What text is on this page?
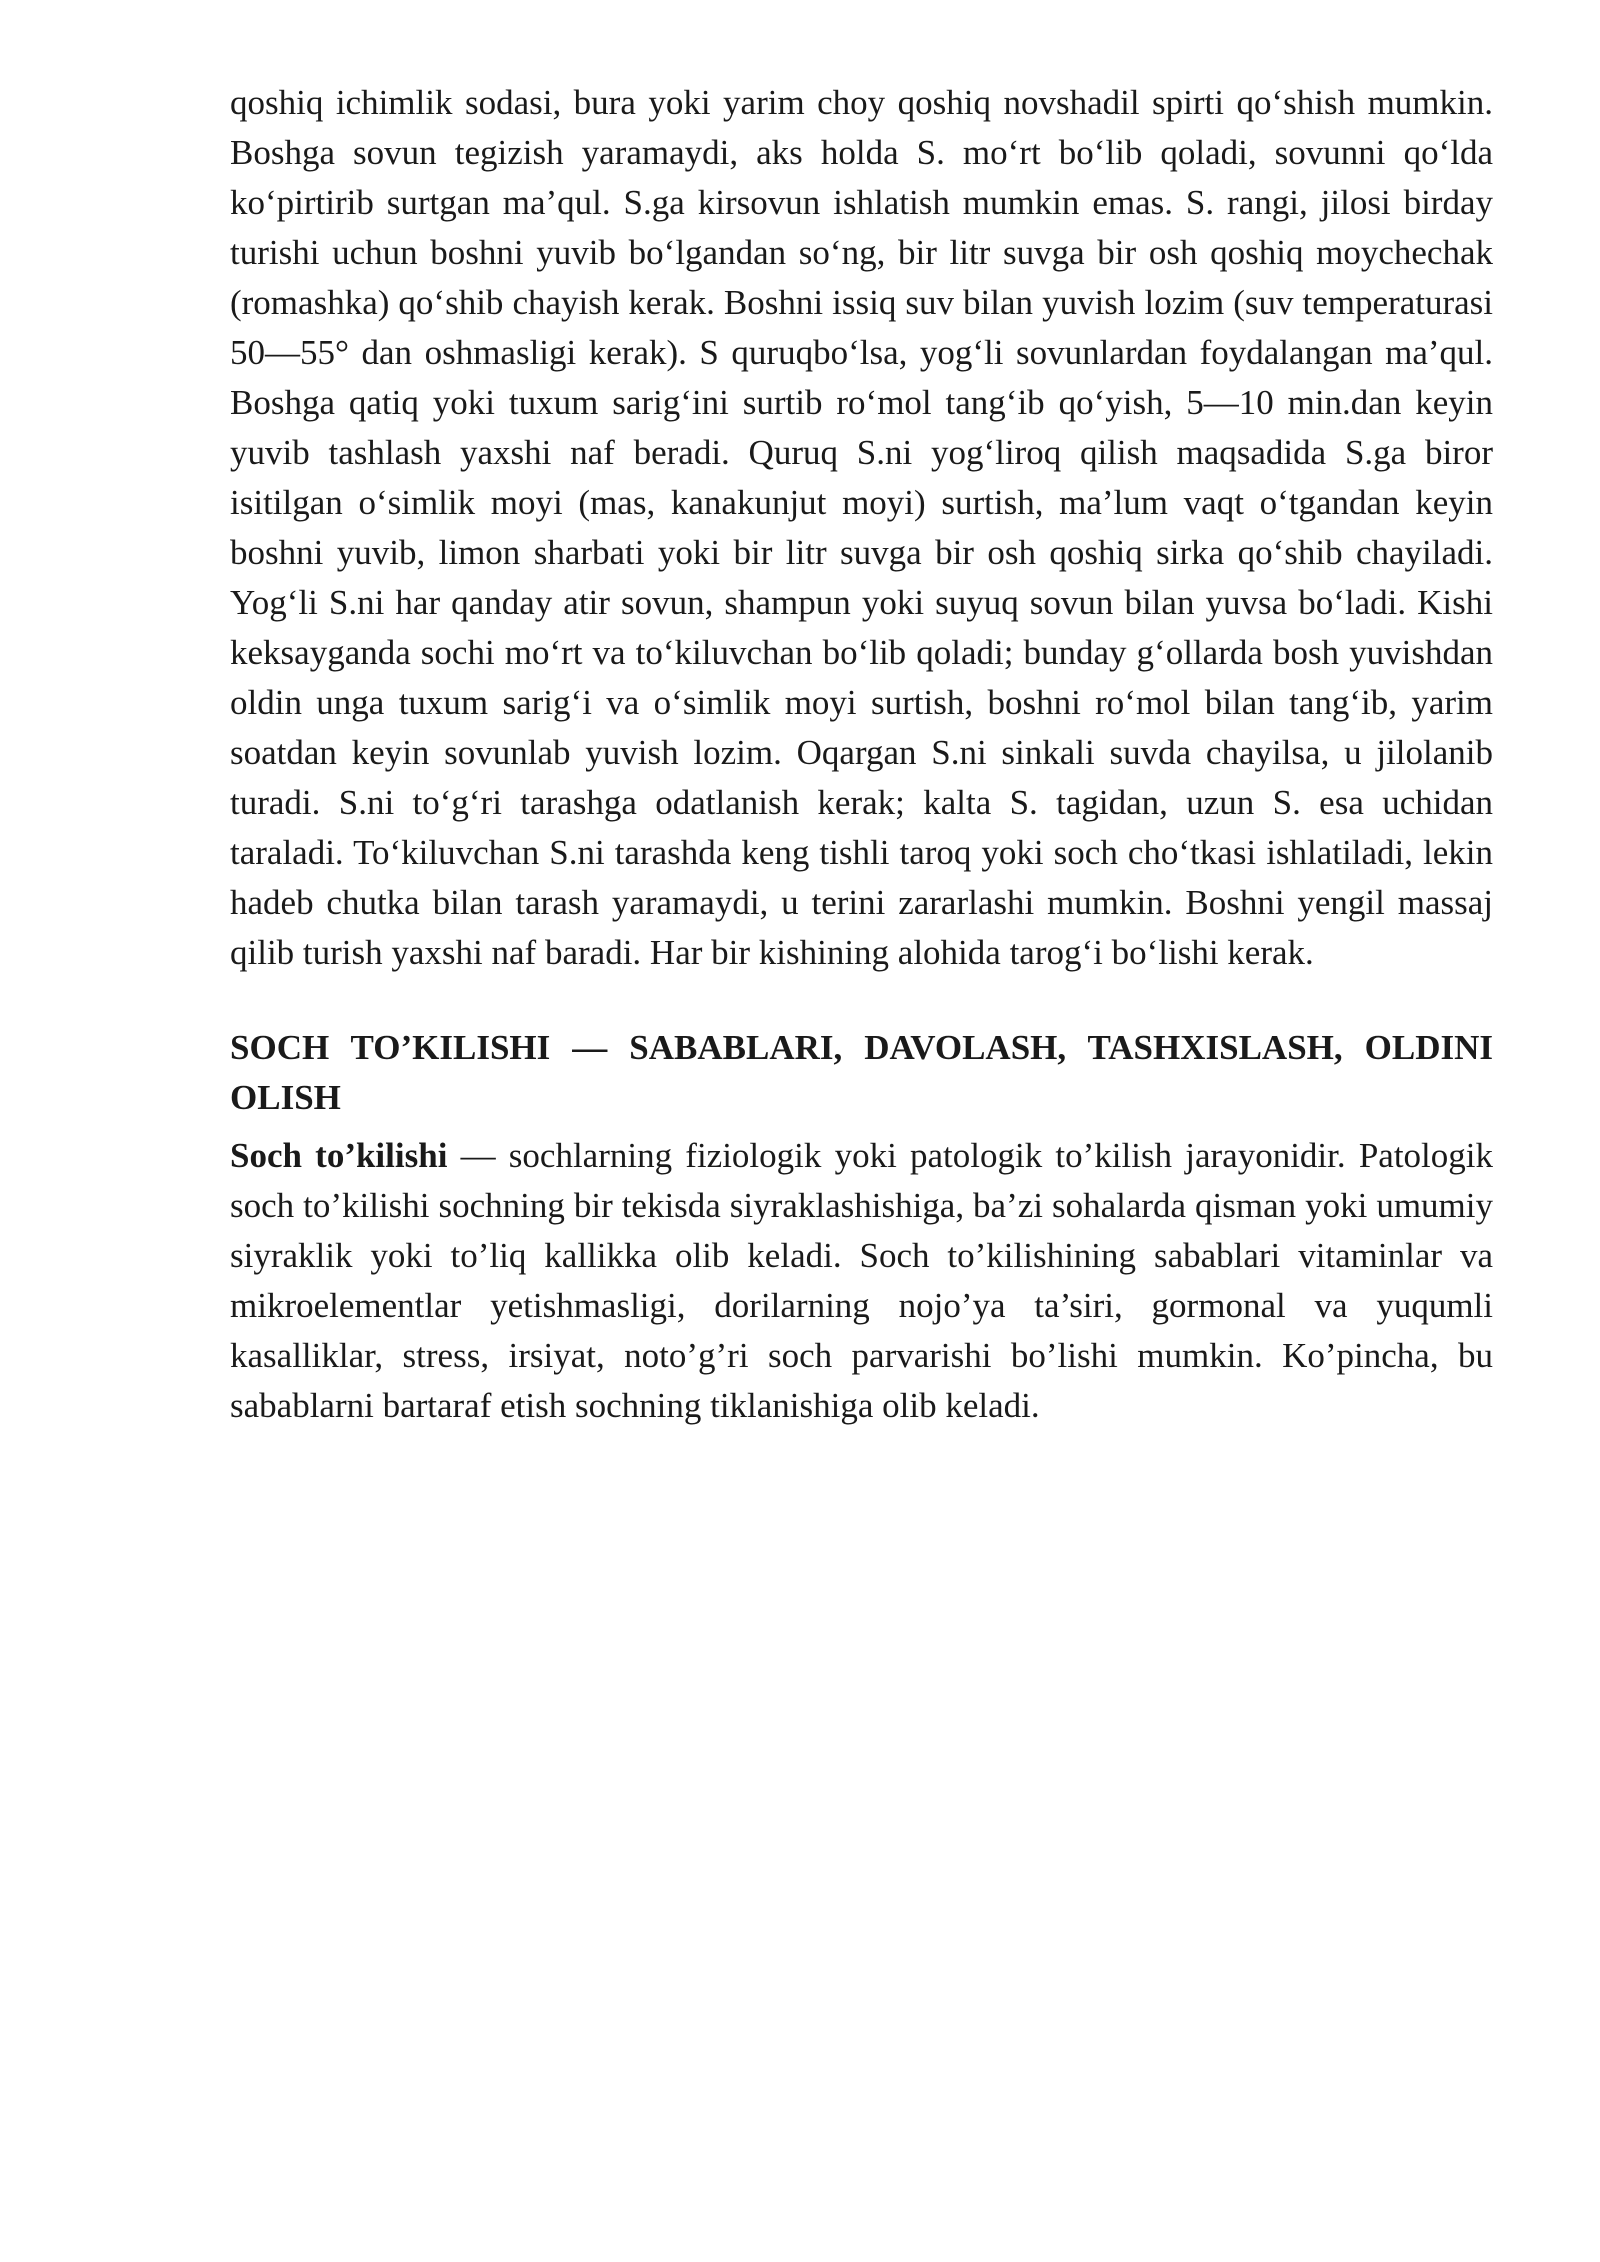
qoshiq ichimlik sodasi, bura yoki yarim choy qoshiq novshadil spirti qo‘shish mumkin. Boshga sovun tegizish yaramaydi, aks holda S. mo‘rt bo‘lib qoladi, sovunni qo‘lda ko‘pirtirib surtgan ma’qul. S.ga kirsovun ishlatish mumkin emas. S. rangi, jilosi birday turishi uchun boshni yuvib bo‘lgandan so‘ng, bir litr suvga bir osh qoshiq moychechak (romashka) qo‘shib chayish kerak. Boshni issiq suv bilan yuvish lozim (suv temperaturasi 50—55° dan oshmasligi kerak). S quruqbo‘lsa, yog‘li sovunlardan foydalangan ma’qul. Boshga qatiq yoki tuxum sarig‘ini surtib ro‘mol tang‘ib qo‘yish, 5—10 min.dan keyin yuvib tashlash yaxshi naf beradi. Quruq S.ni yog‘liroq qilish maqsadida S.ga biror isitilgan o‘simlik moyi (mas, kanakunjut moyi) surtish, ma’lum vaqt o‘tgandan keyin boshni yuvib, limon sharbati yoki bir litr suvga bir osh qoshiq sirka qo‘shib chayiladi. Yog‘li S.ni har qanday atir sovun, shampun yoki suyuq sovun bilan yuvsa bo‘ladi. Kishi keksayganda sochi mo‘rt va to‘kiluvchan bo‘lib qoladi; bunday g‘ollarda bosh yuvishdan oldin unga tuxum sarig‘i va o‘simlik moyi surtish, boshni ro‘mol bilan tang‘ib, yarim soatdan keyin sovunlab yuvish lozim. Oqargan S.ni sinkali suvda chayilsa, u jilolanib turadi. S.ni to‘g‘ri tarashga odatlanish kerak; kalta S. tagidan, uzun S. esa uchidan taraladi. To‘kiluvchan S.ni tarashda keng tishli taroq yoki soch cho‘tkasi ishlatiladi, lekin hadeb chutka bilan tarash yaramaydi, u terini zararlashi mumkin. Boshni yengil massaj qilib turish yaxshi naf baradi. Har bir kishining alohida tarog‘i bo‘lishi kerak.

SOCH TO’KILISHI — SABABLARI, DAVOLASH, TASHXISLASH, OLDINI OLISH

Soch to’kilishi — sochlarning fiziologik yoki patologik to’kilish jarayonidir. Patologik soch to’kilishi sochning bir tekisda siyraklashishiga, ba’zi sohalarda qisman yoki umumiy siyraklik yoki to’liq kallikka olib keladi. Soch to’kilishining sabablari vitaminlar va mikroelementlar yetishmasligi, dorilarning nojo’ya ta’siri, gormonal va yuqumli kasalliklar, stress, irsiyat, noto’g’ri soch parvarishi bo’lishi mumkin. Ko’pincha, bu sabablarni bartaraf etish sochning tiklanishiga olib keladi.
